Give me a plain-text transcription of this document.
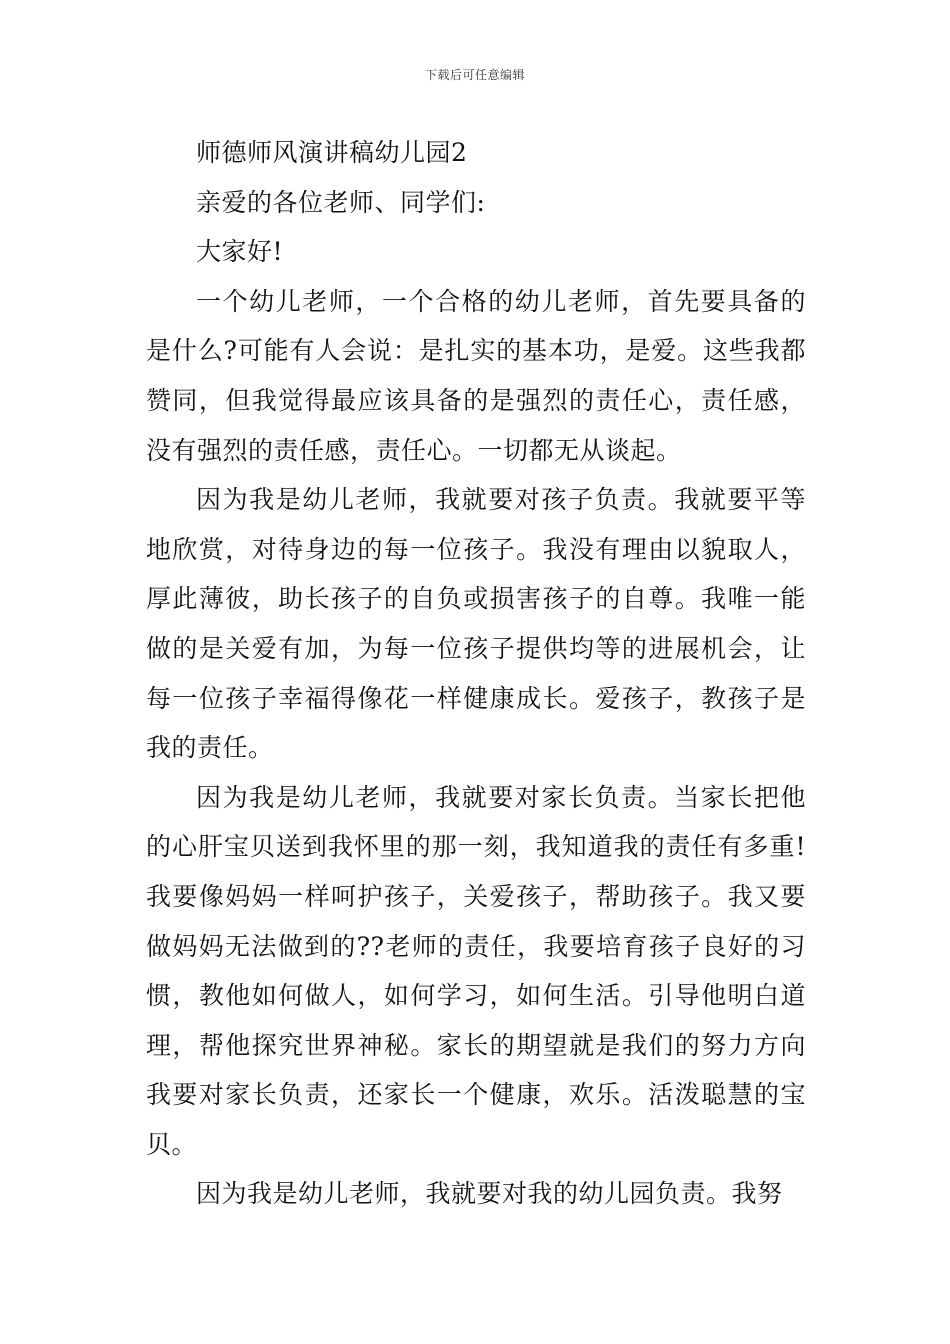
下载后可任意编辑

师德师风演讲稿幼儿园2

亲爱的各位老师、同学们:

大家好!

一个幼儿老师，一个合格的幼儿老师，首先要具备的是什么?可能有人会说：是扎实的基本功，是爱。这些我都赞同，但我觉得最应该具备的是强烈的责任心，责任感，没有强烈的责任感，责任心。一切都无从谈起。

因为我是幼儿老师，我就要对孩子负责。我就要平等地欣赏，对待身边的每一位孩子。我没有理由以貌取人，厚此薄彼，助长孩子的自负或损害孩子的自尊。我唯一能做的是关爱有加，为每一位孩子提供均等的进展机会，让每一位孩子幸福得像花一样健康成长。爱孩子，教孩子是我的责任。

因为我是幼儿老师，我就要对家长负责。当家长把他的心肝宝贝送到我怀里的那一刻，我知道我的责任有多重!我要像妈妈一样呵护孩子，关爱孩子，帮助孩子。我又要做妈妈无法做到的??老师的责任，我要培育孩子良好的习惯，教他如何做人，如何学习，如何生活。引导他明白道理，帮他探究世界神秘。家长的期望就是我们的努力方向我要对家长负责，还家长一个健康，欢乐。活泼聪慧的宝贝。

因为我是幼儿老师，我就要对我的幼儿园负责。我努
